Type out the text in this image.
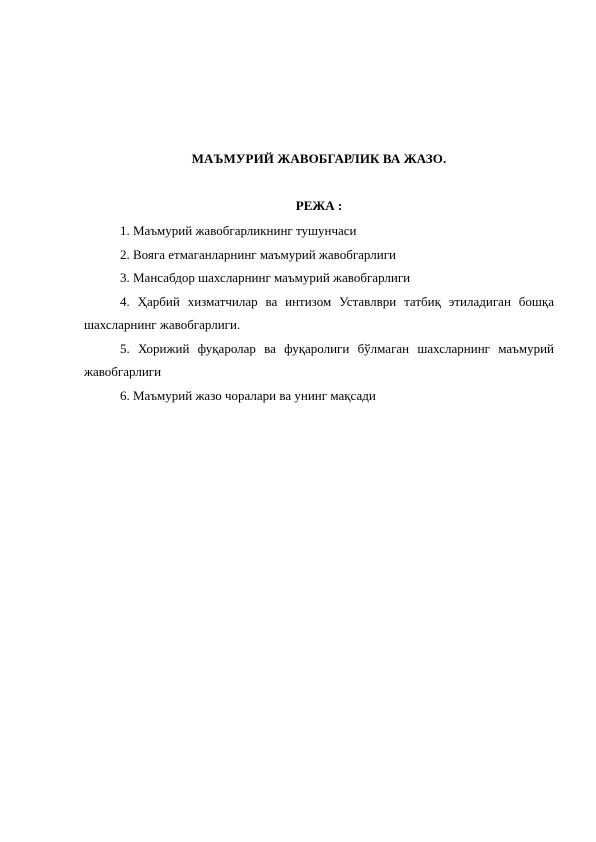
МАЪМУРИЙ ЖАВОБГАРЛИК ВА ЖАЗО.
РЕЖА :
1. Маъмурий жавобгарликнинг тушунчаси
2. Вояга етмаганларнинг маъмурий жавобгарлиги
3. Мансабдор шахсларнинг маъмурий жавобгарлиги
4. Ҳарбий хизматчилар ва интизом Уставлври татбиқ этиладиган бошқа шахсларнинг жавобгарлиги.
5. Хорижий фуқаролар ва фуқаролиги бўлмаган шахсларнинг маъмурий жавобгарлиги
6. Маъмурий жазо чоралари ва унинг мақсади
